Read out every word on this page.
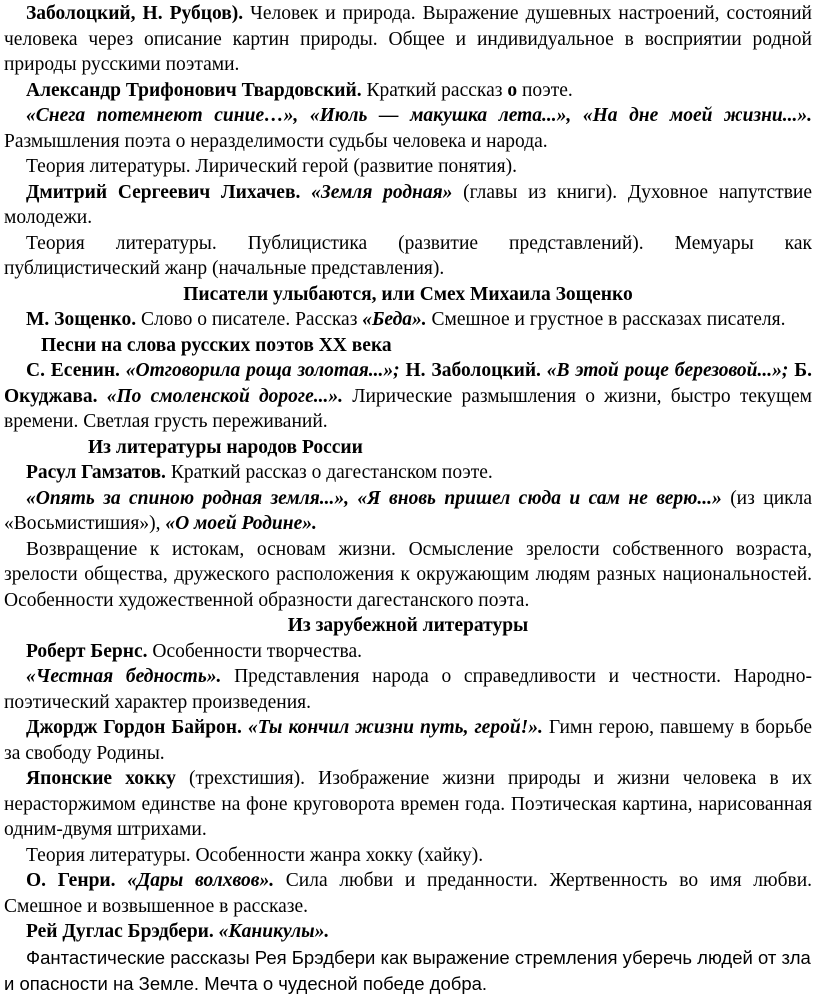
Заболоцкий, Н. Рубцов). Человек и природа. Выражение душевных настроений, состояний человека через описание картин природы. Общее и индивидуальное в восприятии родной природы русскими поэтами.

Александр Трифонович Твардовский. Краткий рассказ о поэте.

«Снега потемнеют синие…», «Июль — макушка лета...», «На дне моей жизни...». Размышления поэта о неразделимости судьбы человека и народа.

Теория литературы. Лирический герой (развитие понятия).

Дмитрий Сергеевич Лихачев. «Земля родная» (главы из книги). Духовное напутствие молодежи.

Теория литературы. Публицистика (развитие представлений). Мемуары как публицистический жанр (начальные представления).

Писатели улыбаются, или Смех Михаила Зощенко

М. Зощенко. Слово о писателе. Рассказ «Беда». Смешное и грустное в рассказах писателя.

Песни на слова русских поэтов XX века

С. Есенин. «Отговорила роща золотая...»; Н. Заболоцкий. «В этой роще березовой...»; Б. Окуджава. «По смоленской дороге...». Лирические размышления о жизни, быстро текущем времени. Светлая грусть переживаний.

Из литературы народов России

Расул Гамзатов. Краткий рассказ о дагестанском поэте.

«Опять за спиною родная земля...», «Я вновь пришел сюда и сам не верю...» (из цикла «Восьмистишия»), «О моей Родине».

Возвращение к истокам, основам жизни. Осмысление зрелости собственного возраста, зрелости общества, дружеского расположения к окружающим людям разных национальностей. Особенности художественной образности дагестанского поэта.

Из зарубежной литературы

Роберт Бернс. Особенности творчества.

«Честная бедность». Представления народа о справедливости и честности. Народно-поэтический характер произведения.

Джордж Гордон Байрон. «Ты кончил жизни путь, герой!». Гимн герою, павшему в борьбе за свободу Родины.

Японские хокку (трехстишия). Изображение жизни природы и жизни человека в их нерасторжимом единстве на фоне круговорота времен года. Поэтическая картина, нарисованная одним-двумя штрихами.

Теория литературы. Особенности жанра хокку (хайку).

О. Генри. «Дары волхвов». Сила любви и преданности. Жертвенность во имя любви. Смешное и возвышенное в рассказе.

Рей Дуглас Брэдбери. «Каникулы».

Фантастические рассказы Рея Брэдбери как выражение стремления уберечь людей от зла и опасности на Земле. Мечта о чудесной победе добра.
